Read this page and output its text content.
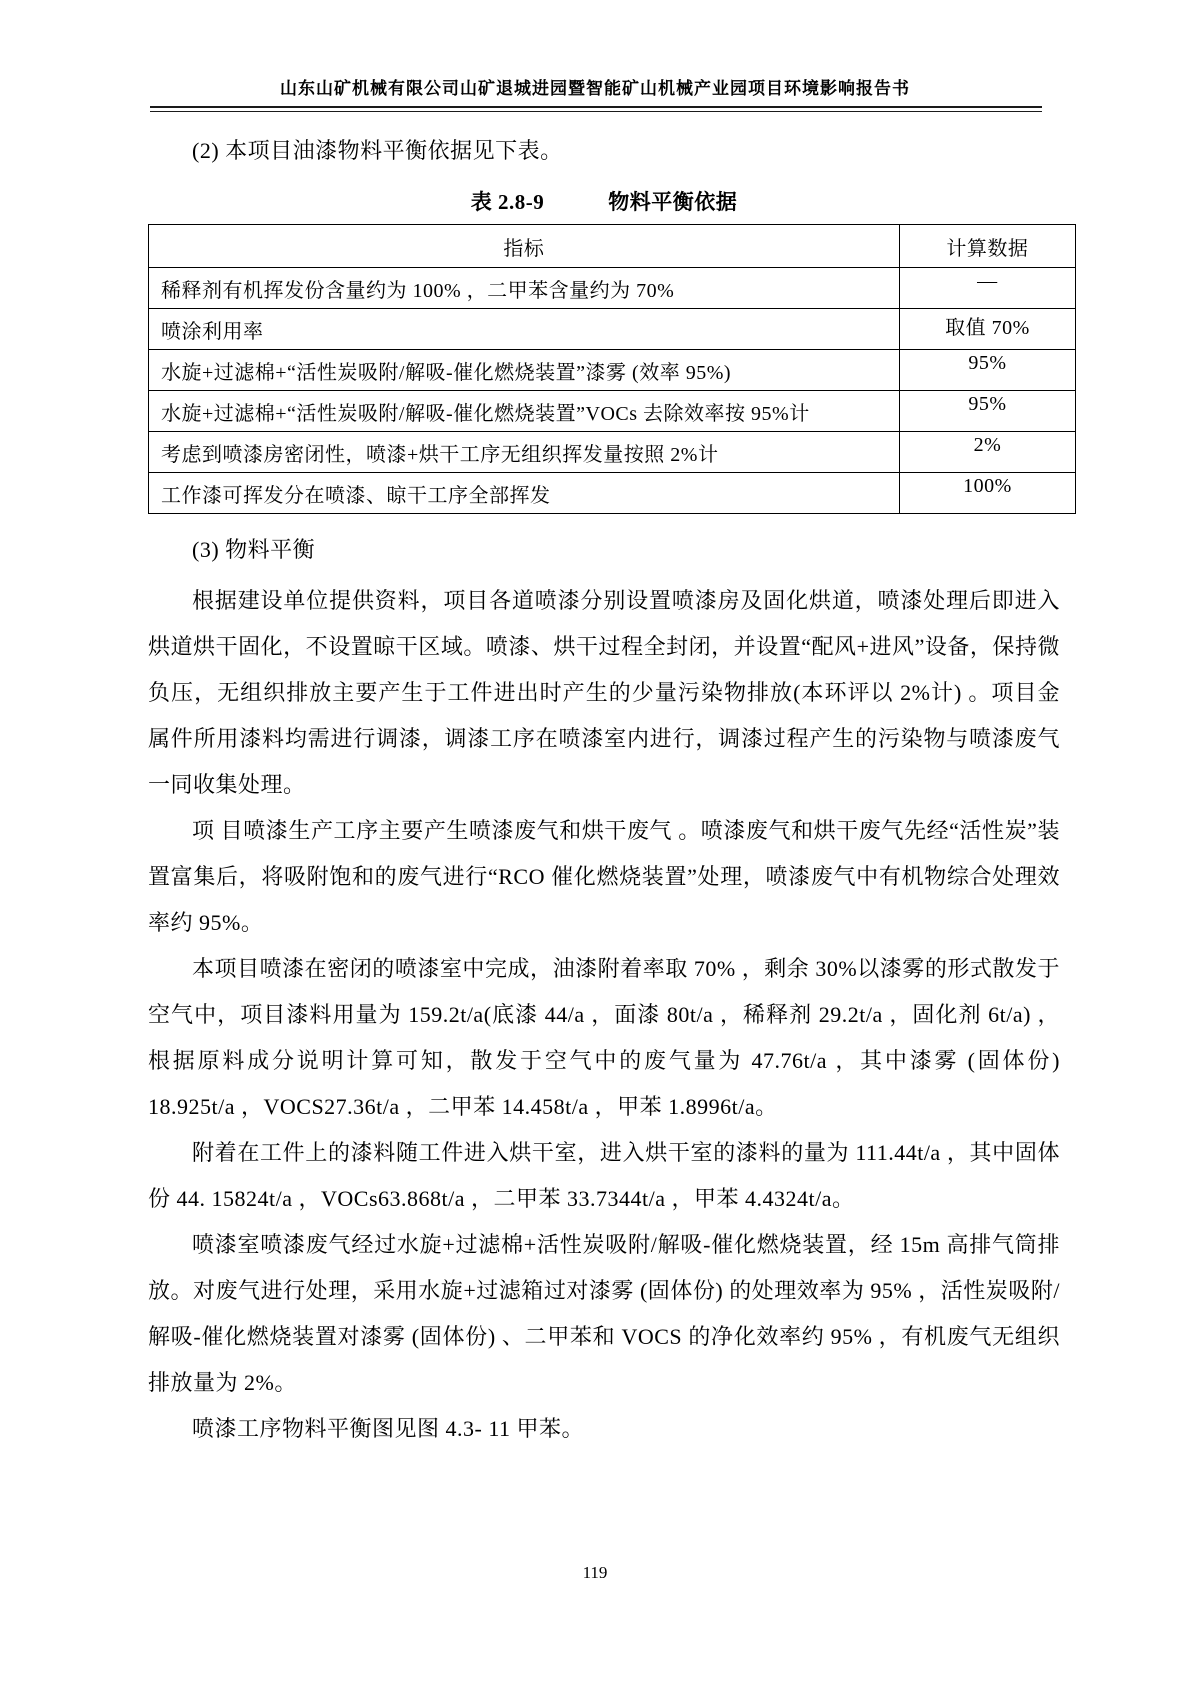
山东山矿机械有限公司山矿退城进园暨智能矿山机械产业园项目环境影响报告书

(2) 本项目油漆物料平衡依据见下表。

表 2.8-9	物料平衡依据
指标	计算数据
稀释剂有机挥发份含量约为 100% ，二甲苯含量约为 70%	—
喷涂利用率	取值 70%
水旋+过滤棉+“活性炭吸附/解吸-催化燃烧装置”漆雾 (效率 95%)	95%
水旋+过滤棉+“活性炭吸附/解吸-催化燃烧装置”VOCs 去除效率按 95%计	95%
考虑到喷漆房密闭性，喷漆+烘干工序无组织挥发量按照 2%计	2%
工作漆可挥发分在喷漆、晾干工序全部挥发	100%

(3) 物料平衡

根据建设单位提供资料，项目各道喷漆分别设置喷漆房及固化烘道，喷漆处理后即进入烘道烘干固化，不设置晾干区域。喷漆、烘干过程全封闭，并设置“配风+进风”设备，保持微负压，无组织排放主要产生于工件进出时产生的少量污染物排放(本环评以 2%计) 。项目金属件所用漆料均需进行调漆，调漆工序在喷漆室内进行，调漆过程产生的污染物与喷漆废气一同收集处理。

项 目喷漆生产工序主要产生喷漆废气和烘干废气 。喷漆废气和烘干废气先经“活性炭”装置富集后，将吸附饱和的废气进行“RCO 催化燃烧装置”处理，喷漆废气中有机物综合处理效率约 95%。

本项目喷漆在密闭的喷漆室中完成，油漆附着率取 70% ，剩余 30%以漆雾的形式散发于空气中，项目漆料用量为 159.2t/a(底漆 44/a ，面漆 80t/a ，稀释剂 29.2t/a ，固化剂 6t/a) ，根据原料成分说明计算可知，散发于空气中的废气量为 47.76t/a ，其中漆雾 (固体份) 18.925t/a ，VOCS27.36t/a ，二甲苯 14.458t/a ，甲苯 1.8996t/a。

附着在工件上的漆料随工件进入烘干室，进入烘干室的漆料的量为 111.44t/a ，其中固体份 44. 15824t/a ，VOCs63.868t/a ，二甲苯 33.7344t/a ，甲苯 4.4324t/a。

喷漆室喷漆废气经过水旋+过滤棉+活性炭吸附/解吸-催化燃烧装置，经 15m 高排气筒排放。对废气进行处理，采用水旋+过滤箱过对漆雾 (固体份) 的处理效率为 95% ，活性炭吸附/解吸-催化燃烧装置对漆雾 (固体份) 、二甲苯和 VOCS 的净化效率约 95% ，有机废气无组织排放量为 2%。

喷漆工序物料平衡图见图 4.3- 11 甲苯。

119
